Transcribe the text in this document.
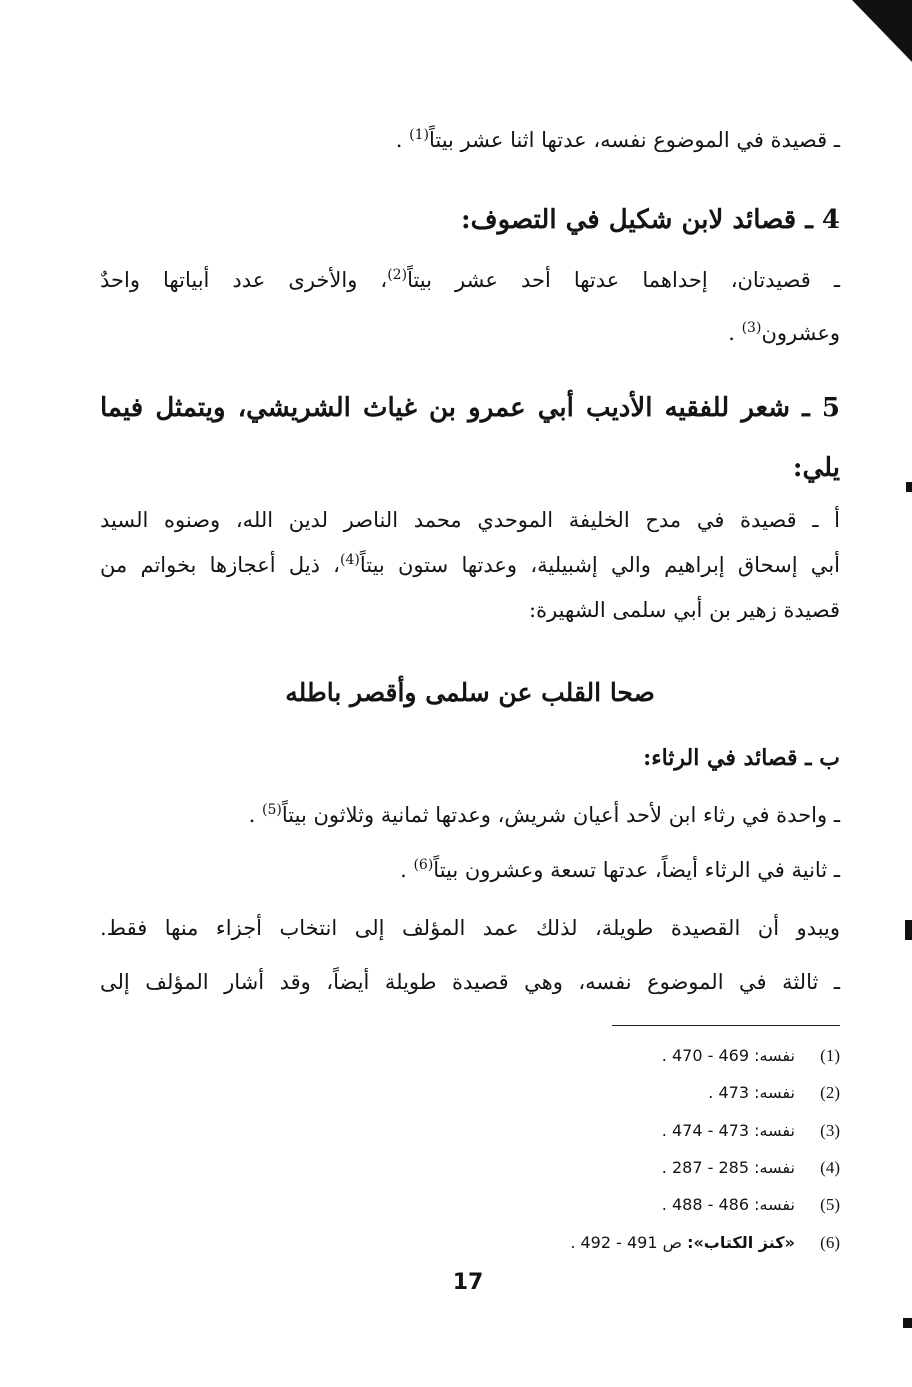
ـ قصيدة في الموضوع نفسه، عدتها اثنا عشر بيتاً$^{(1)}$ .
4 ـ قصائد لابن شكيل في التصوف:
ـ قصيدتان، إحداهما عدتها أحد عشر بيتاً$^{(2)}$، والأخرى عدد أبياتها واحدٌ
وعشرون$^{(3)}$ .
5 ـ شعر للفقيه الأديب أبي عمرو بن غياث الشريشي، ويتمثل فيما
يلي:
أ ـ قصيدة في مدح الخليفة الموحدي محمد الناصر لدين الله، وصنوه السيد
أبي إسحاق إبراهيم والي إشبيلية، وعدتها ستون بيتاً$^{(4)}$، ذيل أعجازها بخواتم من
قصيدة زهير بن أبي سلمى الشهيرة:
صحا القلب عن سلمى وأقصر باطله
ب ـ قصائد في الرثاء:
ـ واحدة في رثاء ابن لأحد أعيان شريش، وعدتها ثمانية وثلاثون بيتاً$^{(5)}$ .
ـ ثانية في الرثاء أيضاً، عدتها تسعة وعشرون بيتاً$^{(6)}$ .
ويبدو أن القصيدة طويلة، لذلك عمد المؤلف إلى انتخاب أجزاء منها فقط.
ـ ثالثة في الموضوع نفسه، وهي قصيدة طويلة أيضاً، وقد أشار المؤلف إلى
(1) نفسه: 469 - 470 .
(2) نفسه: 473 .
(3) نفسه: 473 - 474 .
(4) نفسه: 285 - 287 .
(5) نفسه: 486 - 488 .
(6) «كنز الكتاب»: ص 491 - 492 .
17
